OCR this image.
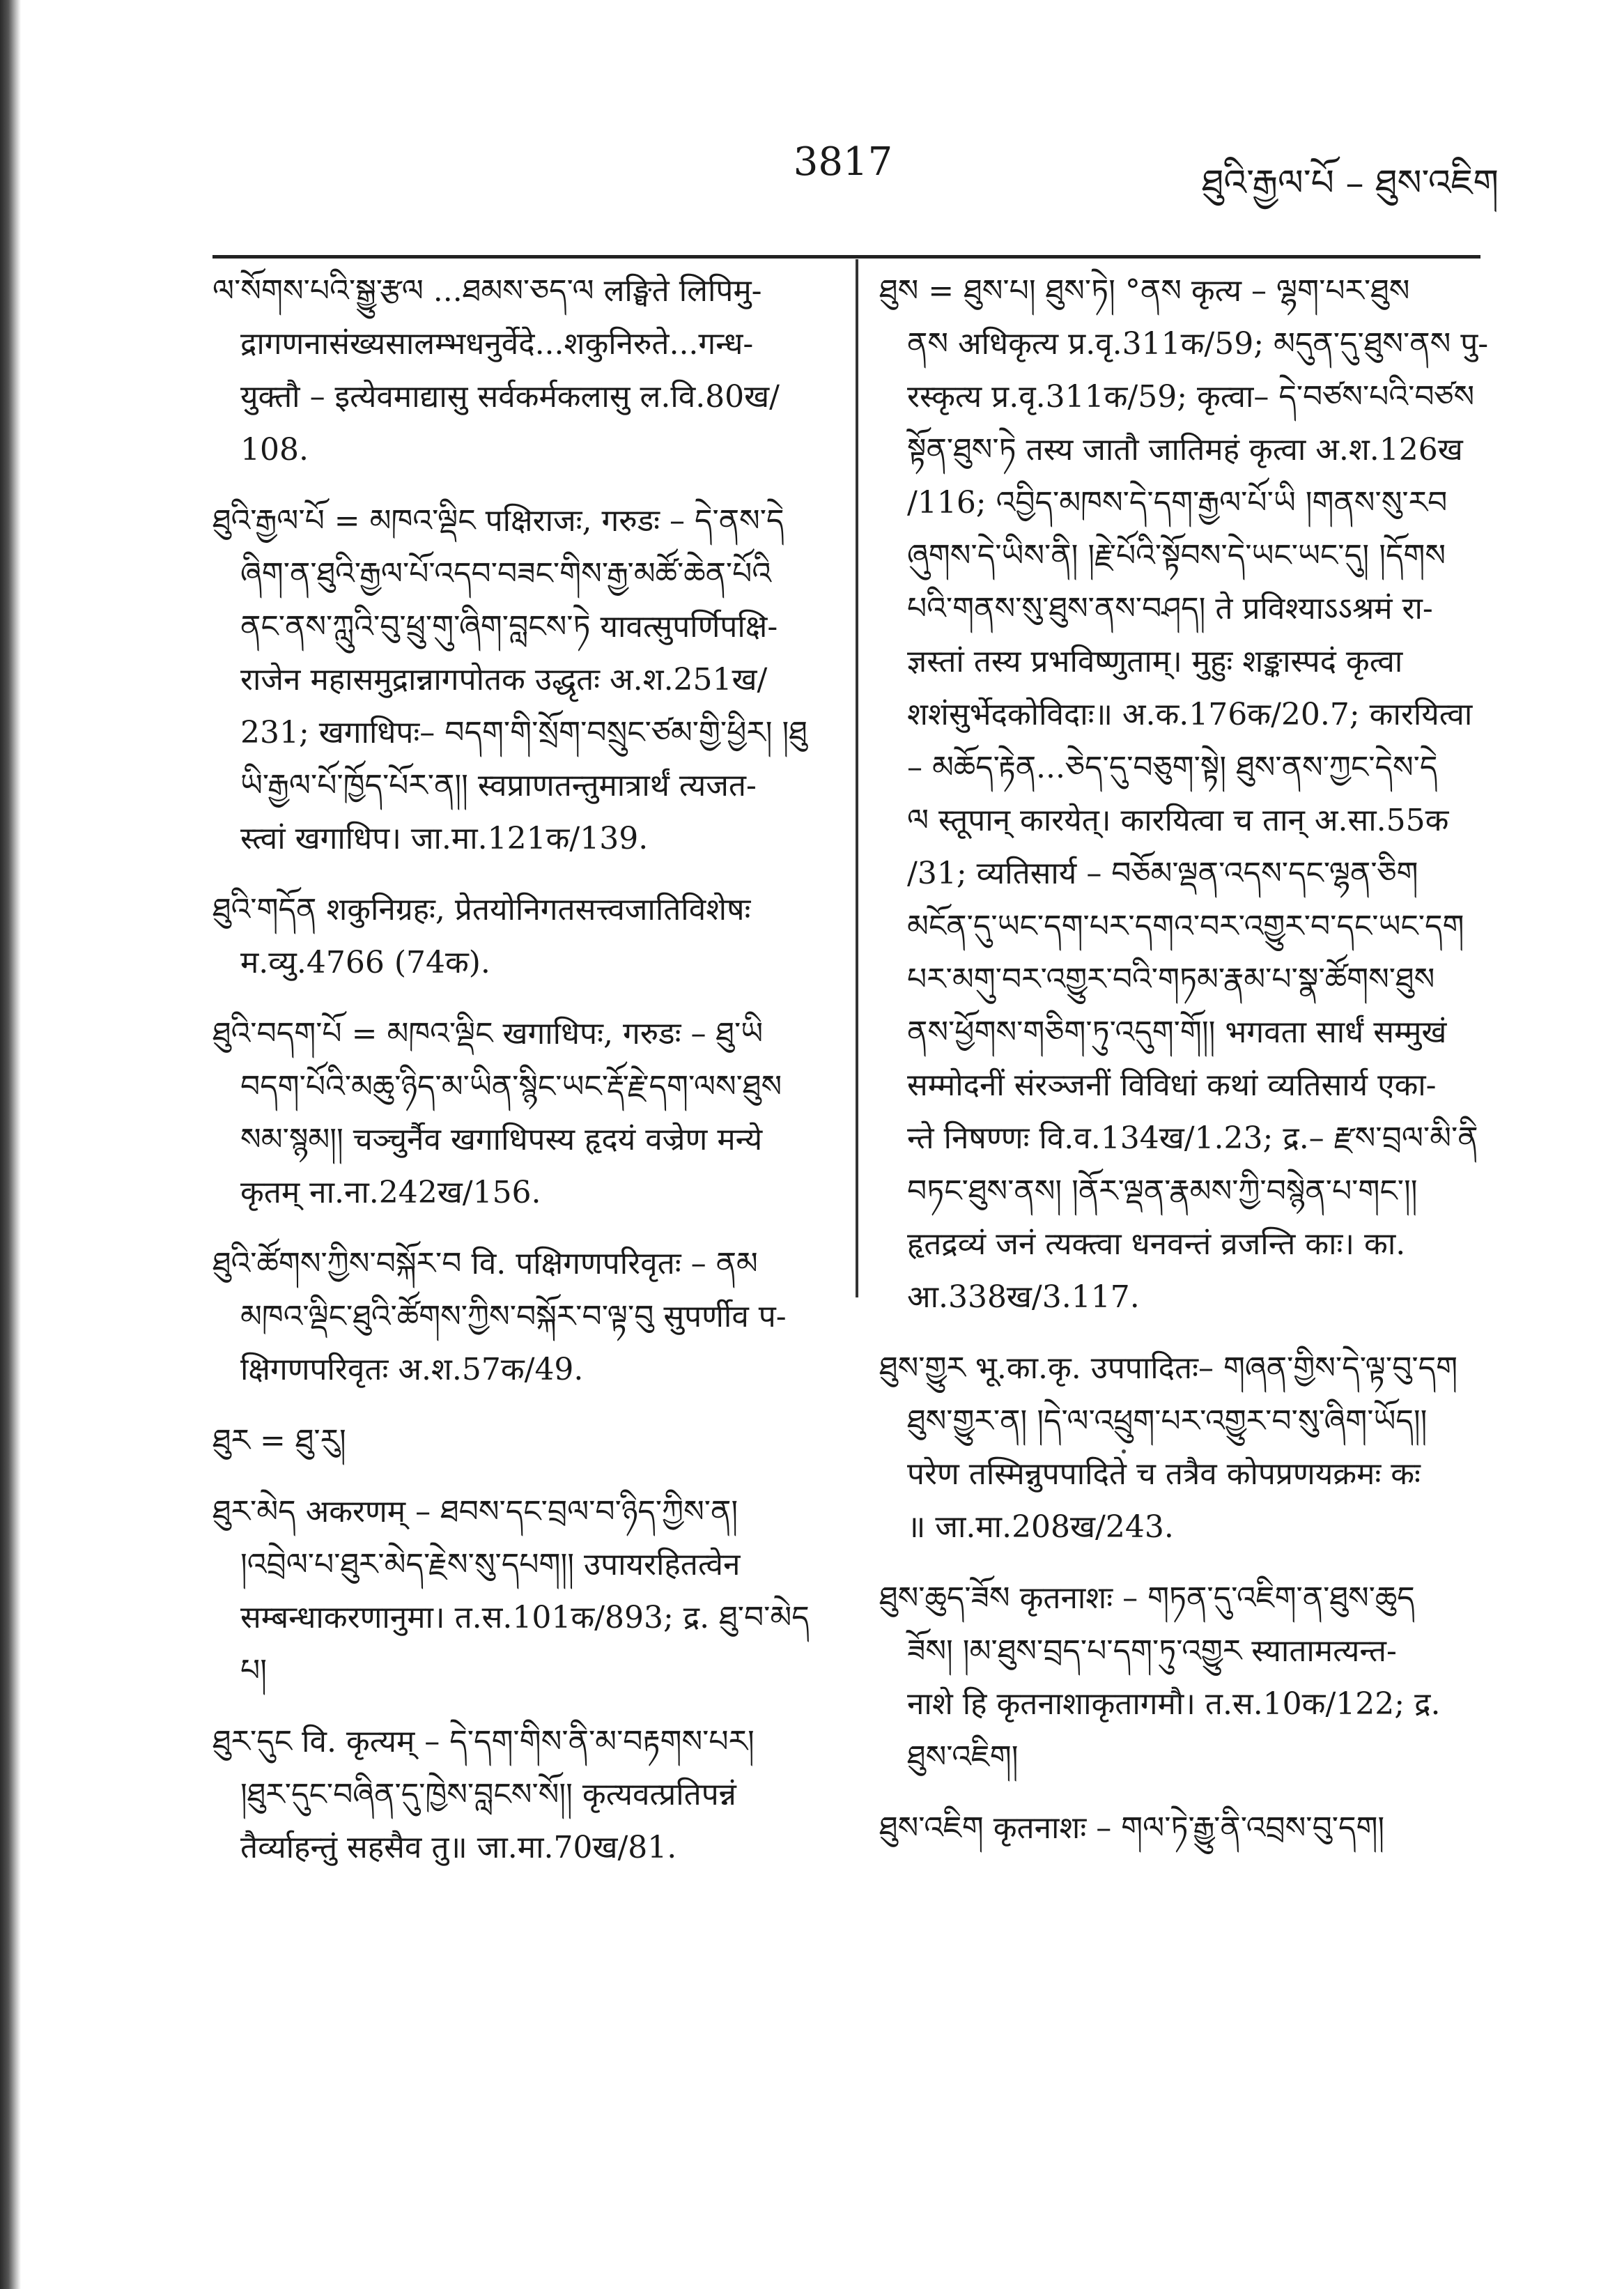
3817	ཐུའི་རྒྱལ་པོ – ཐུས་འཇིག

ལ་སོགས་པའི་སྒྱུ་རྩལ ...ཐམས་ཅད་ལ लङ्घिते लिपिमु-

द्रागणनासंख्यसालम्भधनुर्वेदे...शकुनिरुते...गन्ध-

युक्तौ – इत्येवमाद्यासु सर्वकर्मकलासु ल.वि.80ख/

108.

ཐུའི་རྒྱལ་པོ = མཁའ་ལྡིང पक्षिराजः, गरुडः – དེ་ནས་དེ

ཞིག་ན་ཐུའི་རྒྱལ་པོ་འདབ་བཟང་གིས་རྒྱ་མཚོ་ཆེན་པོའི

ནང་ནས་ཀླུའི་བུ་ཕྲུ་གུ་ཞིག་བླངས་ཏེ यावत्सुपर्णिपक्षि-

राजेन महासमुद्रान्नागपोतक उद्धृतः अ.श.251ख/

231; खगाधिपः– བདག་གི་སྲོག་བསྲུང་ཙམ་གྱི་ཕྱིར། །ཐུ

ཡི་རྒྱལ་པོ་ཁྱོད་པོར་ན།། स्वप्राणतन्तुमात्रार्थं त्यजत-

स्त्वां खगाधिप। जा.मा.121क/139.

ཐུའི་གདོན शकुनिग्रहः, प्रेतयोनिगतसत्त्वजातिविशेषः

म.व्यु.4766 (74क).

ཐུའི་བདག་པོ = མཁའ་ལྡིང खगाधिपः, गरुडः – ཐུ་ཡི

བདག་པོའི་མཆུ་ཉིད་མ་ཡིན་སྙིང་ཡང་རྡོ་རྗེ་དག་ལས་ཐུས

སམ་སྙམ།། चञ्चुर्नैव खगाधिपस्य हृदयं वज्रेण मन्ये

कृतम् ना.ना.242ख/156.

ཐུའི་ཚོགས་ཀྱིས་བསྐོར་བ वि. पक्षिगणपरिवृतः – ནམ

མཁའ་ལྡིང་ཐུའི་ཚོགས་ཀྱིས་བསྐོར་བ་ལྟ་བུ सुपर्णीव प-

क्षिगणपरिवृतः अ.श.57क/49.

ཐུར = ཐུ་རུ།

ཐུར་མེད अकरणम् – ཐབས་དང་བྲལ་བ་ཉིད་ཀྱིས་ན།

།འབྲེལ་པ་ཐུར་མེད་རྗེས་སུ་དཔག།། उपायरहितत्वेन

सम्बन्धाकरणानुमा। त.स.101क/893; द्र. ཐུ་བ་མེད

པ།

ཐུར་དུང वि. कृत्यम् – དེ་དག་གིས་ནི་མ་བརྟགས་པར།

།ཐུར་དུང་བཞིན་དུ་ཁྱེས་བླངས་སོ།། कृत्यवत्प्रतिपन्नं

तैर्व्याहन्तुं सहसैव तु॥ जा.मा.70ख/81.

ཐུས = ཐུས་པ། ཐུས་ཏེ། °ནས कृत्य – ལྷག་པར་ཐུས

ནས अधिकृत्य प्र.वृ.311क/59; མདུན་དུ་ཐུས་ནས पु-

रस्कृत्य प्र.वृ.311क/59; कृत्वा– དེ་བཙས་པའི་བཙས

སྟོན་ཐུས་ཏེ तस्य जातौ जातिमहं कृत्वा अ.श.126ख

/116; འབྱིད་མཁས་དེ་དག་རྒྱལ་པོ་ཡི །གནས་སུ་རབ

ཞུགས་དེ་ཡིས་ནི། །རྗེ་པོའི་སྟོབས་དེ་ཡང་ཡང་དུ། །དོགས

པའི་གནས་སུ་ཐུས་ནས་བཤད། ते प्रविश्याऽऽश्रमं रा-

ज्ञस्तां तस्य प्रभविष्णुताम्। मुहुः शङ्कास्पदं कृत्वा

शशंसुर्भेदकोविदाः॥ अ.क.176क/20.7; कारयित्वा

– མཆོད་རྟེན...ཅེད་དུ་བཅུག་སྟེ། ཐུས་ནས་ཀྱང་དེས་དེ

ལ स्तूपान् कारयेत्। कारयित्वा च तान् अ.सा.55क

/31; व्यतिसार्य – བཅོམ་ལྡན་འདས་དང་ལྷན་ཅིག

མངོན་དུ་ཡང་དག་པར་དགའ་བར་འགྱུར་བ་དང་ཡང་དག

པར་མགུ་བར་འགྱུར་བའི་གཏམ་རྣམ་པ་སྣ་ཚོགས་ཐུས

ནས་ཕྱོགས་གཅིག་ཏུ་འདུག་གོ།། भगवता सार्धं सम्मुखं

सम्मोदनीं संरञ्जनीं विविधां कथां व्यतिसार्य एका-

न्ते निषण्णः वि.व.134ख/1.23; द्र.– རྫས་བྲལ་མི་ནི

བཏང་ཐུས་ནས། །ནོར་ལྡན་རྣམས་ཀྱི་བསྙེན་པ་གང་།།

हृतद्रव्यं जनं त्यक्त्वा धनवन्तं व्रजन्ति काः। का.

आ.338ख/3.117.

ཐུས་གྱུར भू.का.कृ. उपपादितः– གཞན་གྱིས་དེ་ལྟ་བུ་དག

ཐུས་གྱུར་ན། །དེ་ལ་འཕྲུག་པར་འགྱུར་བ་སུ་ཞིག་ཡོད།།

परेण तस्मिन्नुपपादिते च तत्रैव कोपप्रणयक्रमः कः

॥ जा.मा.208ख/243.

ཐུས་ཆུད་ཟོས कृतनाशः – གཏན་དུ་འཇིག་ན་ཐུས་ཆུད

ཟོས། །མ་ཐུས་བྲད་པ་དག་ཏུ་འགྱུར स्यातामत्यन्त-

नाशे हि कृतनाशाकृतागमौ। त.स.10क/122; द्र.

ཐུས་འཇིག།

ཐུས་འཇིག कृतनाशः – གལ་ཏེ་རྒྱུ་ནི་འབྲས་བུ་དག།
